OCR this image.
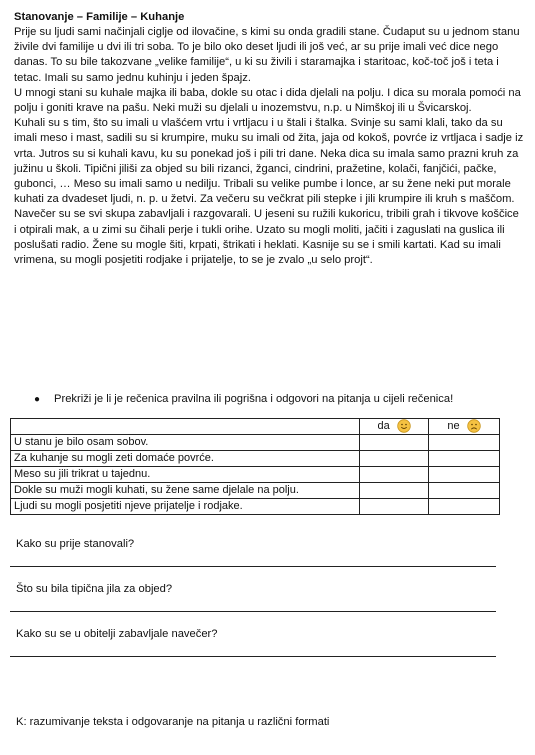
Stanovanje – Familije – Kuhanje

Prije su ljudi sami načinjali ciglje od ilovačine, s kimi su onda gradili stane. Čudaput su u jednom stanu živile dvi familije u dvi ili tri soba. To je bilo oko deset ljudi ili još već, ar su prije imali već dice nego danas. To su bile takozvane „velike familije“, u ki su živili i staramajka i staritoac, koč-toč još i teta i tetac. Imali su samo jednu kuhinju i jeden špajz.

U mnogi stani su kuhale majka ili baba, dokle su otac i dida djelali na polju. I dica su morala pomoći na polju i goniti krave na pašu. Neki muži su djelali u inozemstvu, n.p. u Nimškoj ili u Švicarskoj.

Kuhali su s tim, što su imali u vlašćem vrtu i vrtljacu i u štali i štalka. Svinje su sami klali, tako da su imali meso i mast, sadili su si krumpire, muku su imali od žita, jaja od kokoš, povrće iz vrtljaca i sadje iz vrta. Jutros su si kuhali kavu, ku su ponekad još i pili tri dane. Neka dica su imala samo prazni kruh za južinu u školi. Tipični jiliši za objed su bili rizanci, žganci, cindrini, pražetine, kolači, fanjčići, pačke, gubonci, … Meso su imali samo u nedilju. Tribali su velike pumbe i lonce, ar su žene neki put morale kuhati za dvadeset ljudi, n. p. u žetvi. Za večeru su večkrat pili stepke i jili krumpire ili kruh s maščom.

Navečer su se svi skupa zabavljali i razgovarali. U jeseni su ružili kukoricu, tribili grah i tikvove koščice i otpirali mak, a u zimi su čihali perje i tukli orihe. Uzato su mogli moliti, jačiti i zaguslati na guslica ili poslušati radio. Žene su mogle šiti, krpati, štrikati i heklati. Kasnije su se i smili kartati. Kad su imali vrimena, su mogli posjetiti rodjake i prijatelje, to se je zvalo „u selo projt“.

● Prekriži je li je rečenica pravilna ili pogrišna i odgovori na pitanja u cijeli rečenica!
	da	ne
U stanu je bilo osam sobov.		
Za kuhanje su mogli zeti domaće povrće.		
Meso su jili trikrat u tajednu.		
Dokle su muži mogli kuhati, su žene same djelale na polju.		
Ljudi su mogli posjetiti njeve prijatelje i rodjake.		
Kako su prije stanovali?
Što su bila tipična jila za objed?
Kako su se u obitelji zabavljale navečer?
K: razumivanje teksta i odgovaranje na pitanja u različni formati
